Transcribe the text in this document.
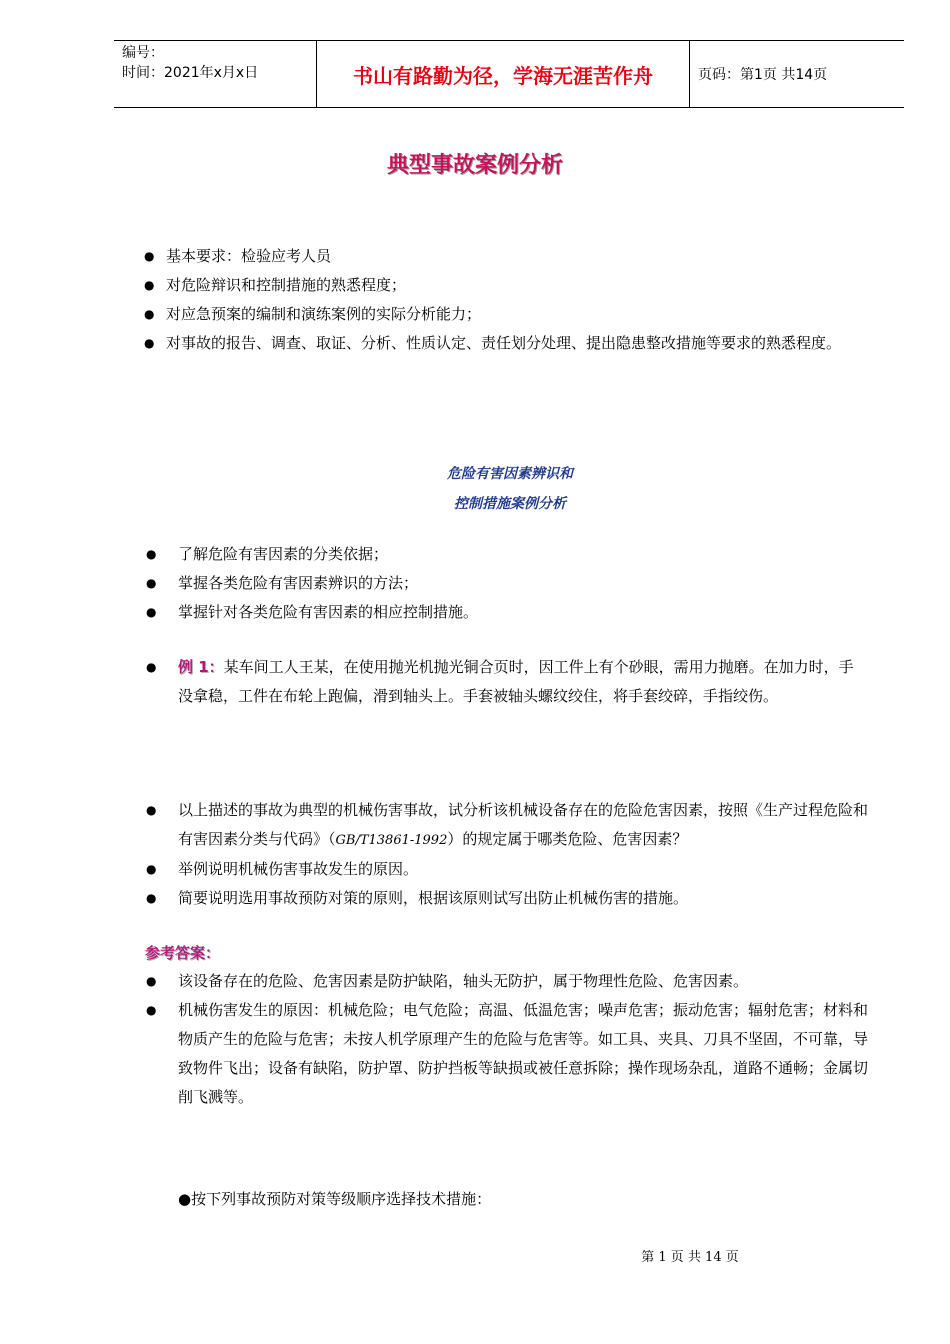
编号：
时间：2021年x月x日	书山有路勤为径，学海无涯苦作舟	页码：第1页 共14页
典型事故案例分析
● 基本要求：检验应考人员
● 对危险辩识和控制措施的熟悉程度；
● 对应急预案的编制和演练案例的实际分析能力；
● 对事故的报告、调查、取证、分析、性质认定、责任划分处理、提出隐患整改措施等要求的熟悉程度。
危险有害因素辨识和
控制措施案例分析
● 了解危险有害因素的分类依据；
● 掌握各类危险有害因素辨识的方法；
● 掌握针对各类危险有害因素的相应控制措施。
● 例 1：某车间工人王某，在使用抛光机抛光铜合页时，因工件上有个砂眼，需用力抛磨。在加力时，手没拿稳，工件在布轮上跑偏，滑到轴头上。手套被轴头螺纹绞住，将手套绞碎，手指绞伤。
● 以上描述的事故为典型的机械伤害事故，试分析该机械设备存在的危险危害因素，按照《生产过程危险和有害因素分类与代码》（GB/T13861-1992）的规定属于哪类危险、危害因素？
● 举例说明机械伤害事故发生的原因。
● 简要说明选用事故预防对策的原则，根据该原则试写出防止机械伤害的措施。
参考答案：
● 该设备存在的危险、危害因素是防护缺陷，轴头无防护，属于物理性危险、危害因素。
● 机械伤害发生的原因：机械危险；电气危险；高温、低温危害；噪声危害；振动危害；辐射危害；材料和物质产生的危险与危害；未按人机学原理产生的危险与危害等。如工具、夹具、刀具不坚固，不可靠，导致物件飞出；设备有缺陷，防护罩、防护挡板等缺损或被任意拆除；操作现场杂乱，道路不通畅；金属切削飞溅等。
●按下列事故预防对策等级顺序选择技术措施：
第 1 页 共 14 页
